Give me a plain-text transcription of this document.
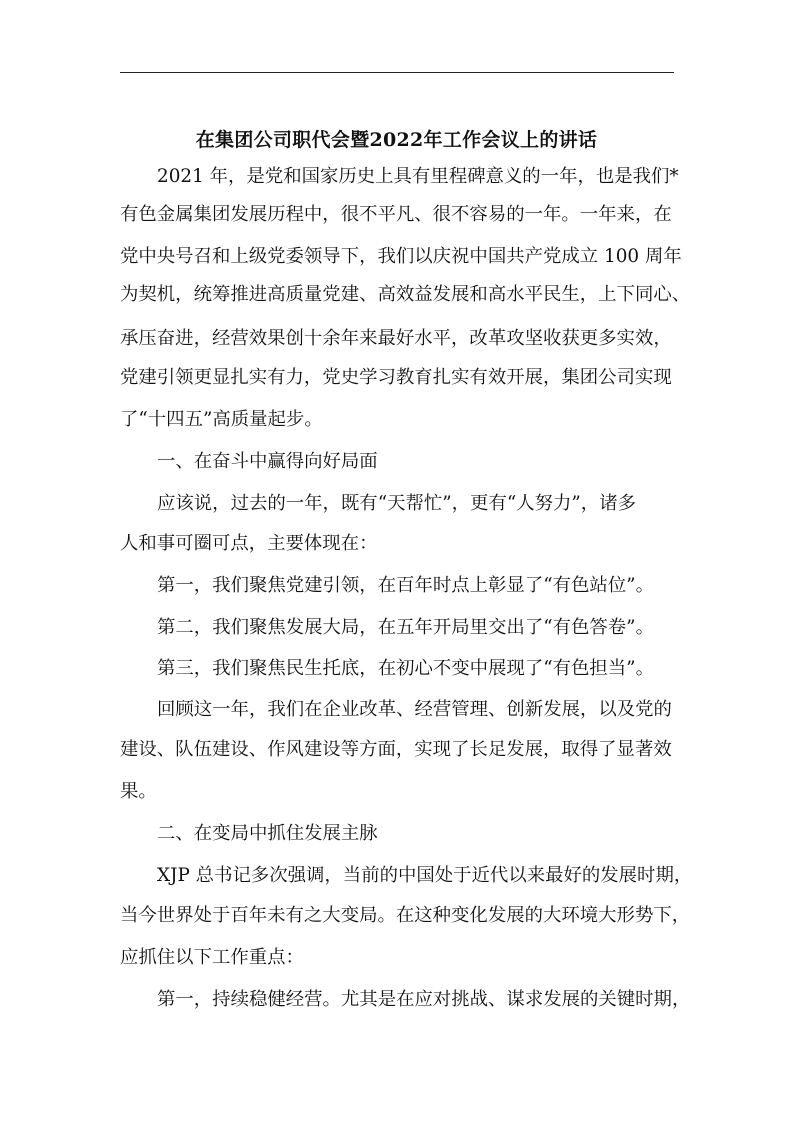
在集团公司职代会暨2022年工作会议上的讲话

2021 年，是党和国家历史上具有里程碑意义的一年，也是我们*

有色金属集团发展历程中，很不平凡、很不容易的一年。一年来，在

党中央号召和上级党委领导下，我们以庆祝中国共产党成立 100 周年

为契机，统筹推进高质量党建、高效益发展和高水平民生，上下同心、

承压奋进，经营效果创十余年来最好水平，改革攻坚收获更多实效，

党建引领更显扎实有力，党史学习教育扎实有效开展，集团公司实现

了“十四五”高质量起步。

一、在奋斗中赢得向好局面

应该说，过去的一年，既有“天帮忙”，更有“人努力”，诸多

人和事可圈可点，主要体现在：

第一，我们聚焦党建引领，在百年时点上彰显了“有色站位”。

第二，我们聚焦发展大局，在五年开局里交出了“有色答卷”。

第三，我们聚焦民生托底，在初心不变中展现了“有色担当”。

回顾这一年，我们在企业改革、经营管理、创新发展，以及党的

建设、队伍建设、作风建设等方面，实现了长足发展，取得了显著效

果。

二、在变局中抓住发展主脉

XJP 总书记多次强调，当前的中国处于近代以来最好的发展时期，

当今世界处于百年未有之大变局。在这种变化发展的大环境大形势下，

应抓住以下工作重点：

第一，持续稳健经营。尤其是在应对挑战、谋求发展的关键时期，
